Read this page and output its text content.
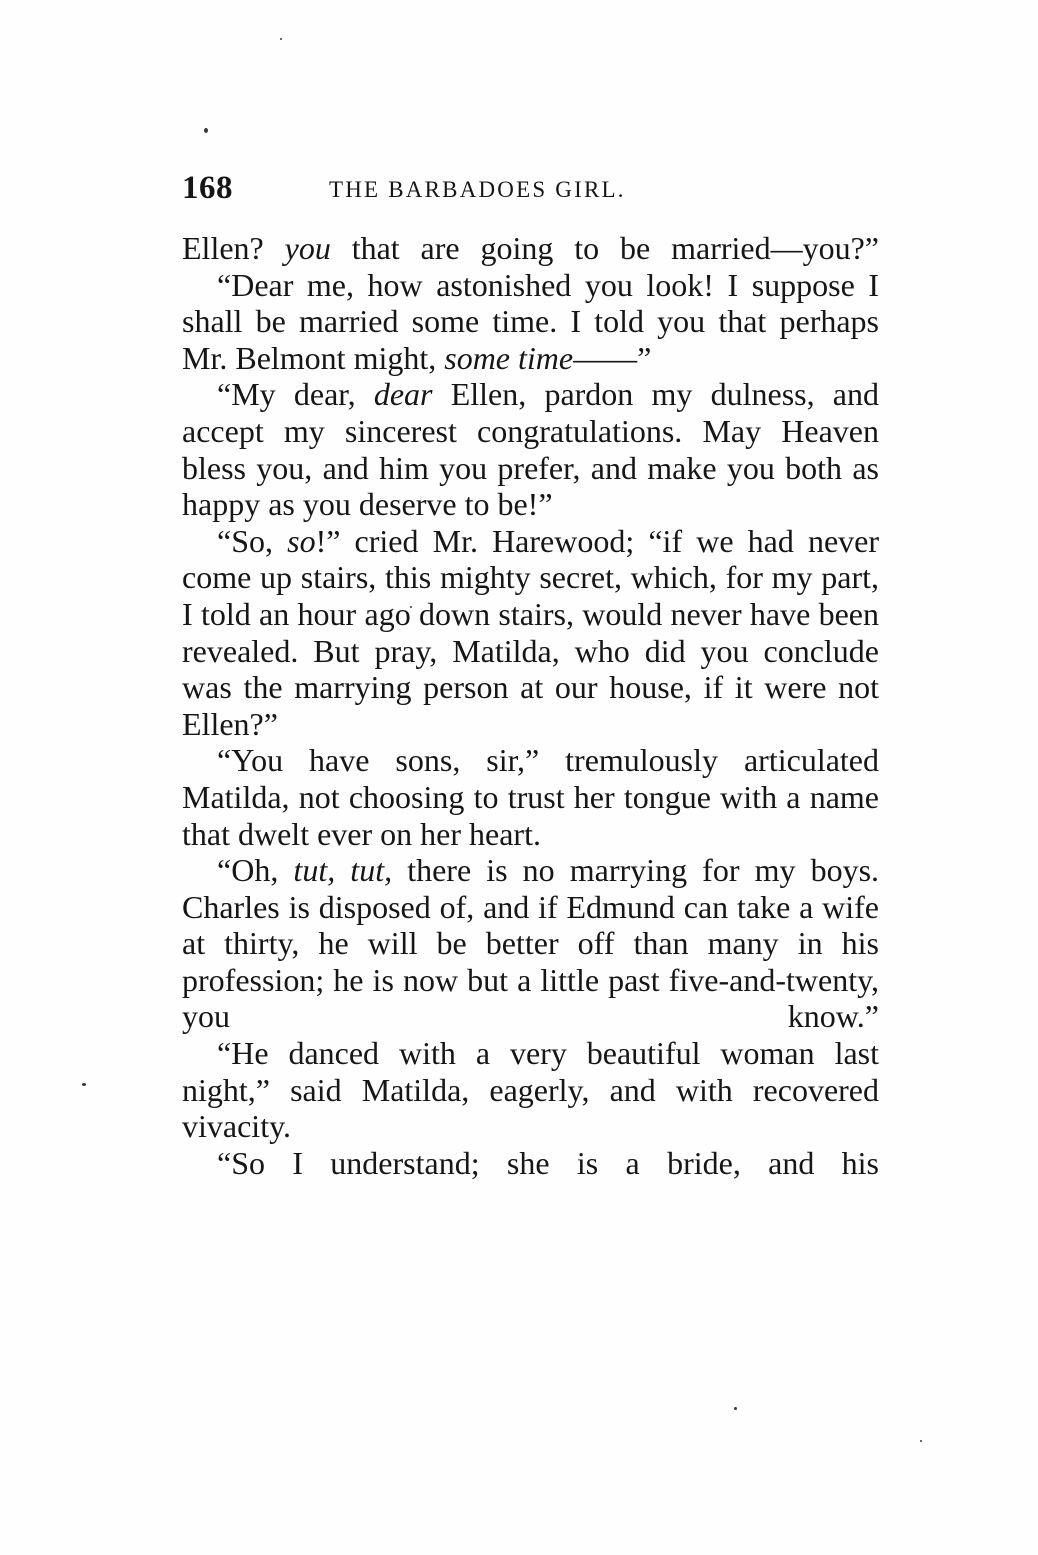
168	THE BARBADOES GIRL.

Ellen? you that are going to be married—you?”

“Dear me, how astonished you look! I suppose I shall be married some time. I told you that perhaps Mr. Belmont might, some time——”

“My dear, dear Ellen, pardon my dulness, and accept my sincerest congratulations. May Heaven bless you, and him you prefer, and make you both as happy as you deserve to be!”

“So, so!” cried Mr. Harewood; “if we had never come up stairs, this mighty secret, which, for my part, I told an hour ago down stairs, would never have been revealed. But pray, Matilda, who did you conclude was the marrying person at our house, if it were not Ellen?”

“You have sons, sir,” tremulously articulated Matilda, not choosing to trust her tongue with a name that dwelt ever on her heart.

“Oh, tut, tut, there is no marrying for my boys. Charles is disposed of, and if Edmund can take a wife at thirty, he will be better off than many in his profession; he is now but a little past five-and-twenty, you know.”

“He danced with a very beautiful woman last night,” said Matilda, eagerly, and with recovered vivacity.

“So I understand; she is a bride, and his
